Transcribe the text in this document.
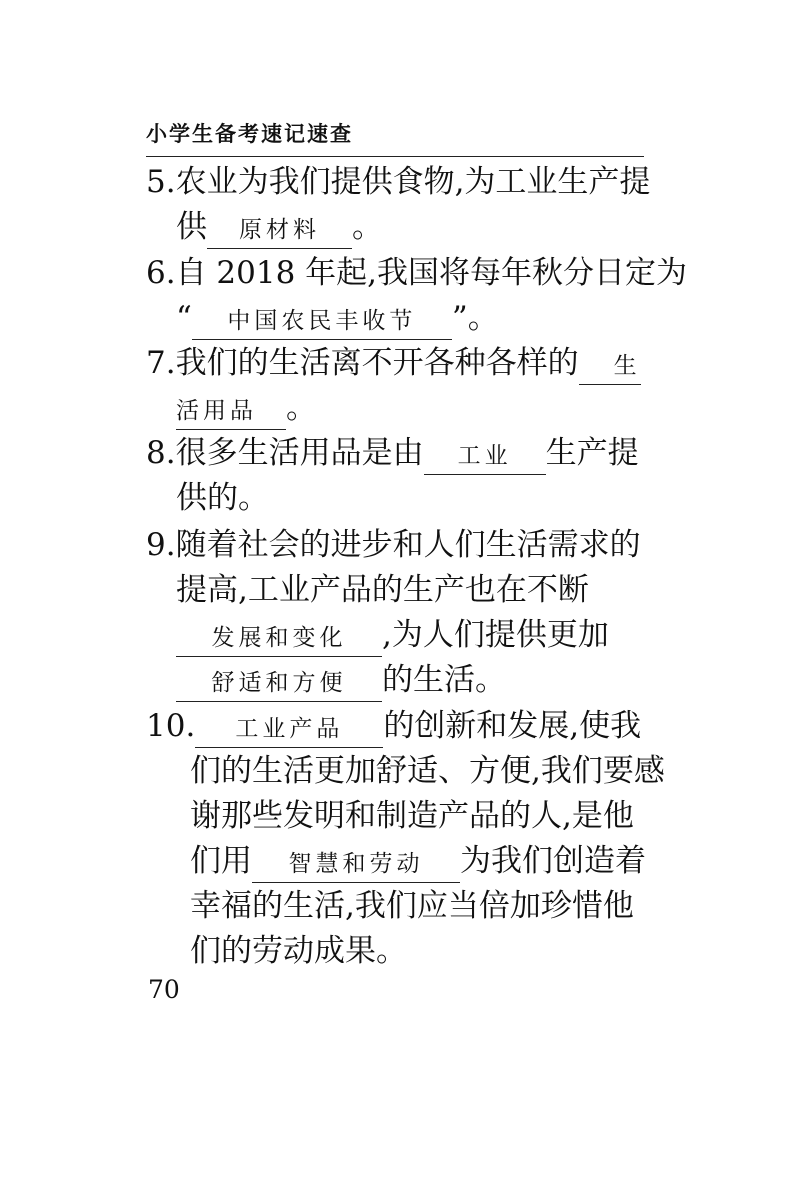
小学生备考速记速查
5.农业为我们提供食物,为工业生产提
供 原材料 。
6.自 2018 年起,我国将每年秋分日定为
“ 中国农民丰收节 ”。
7.我们的生活离不开各种各样的 生
活用品 。
8.很多生活用品是由 工业 生产提
供的。
9.随着社会的进步和人们生活需求的
提高,工业产品的生产也在不断
发展和变化 ,为人们提供更加
舒适和方便 的生活。
10. 工业产品 的创新和发展,使我
们的生活更加舒适、方便,我们要感
谢那些发明和制造产品的人,是他
们用 智慧和劳动 为我们创造着
幸福的生活,我们应当倍加珍惜他
们的劳动成果。
70
